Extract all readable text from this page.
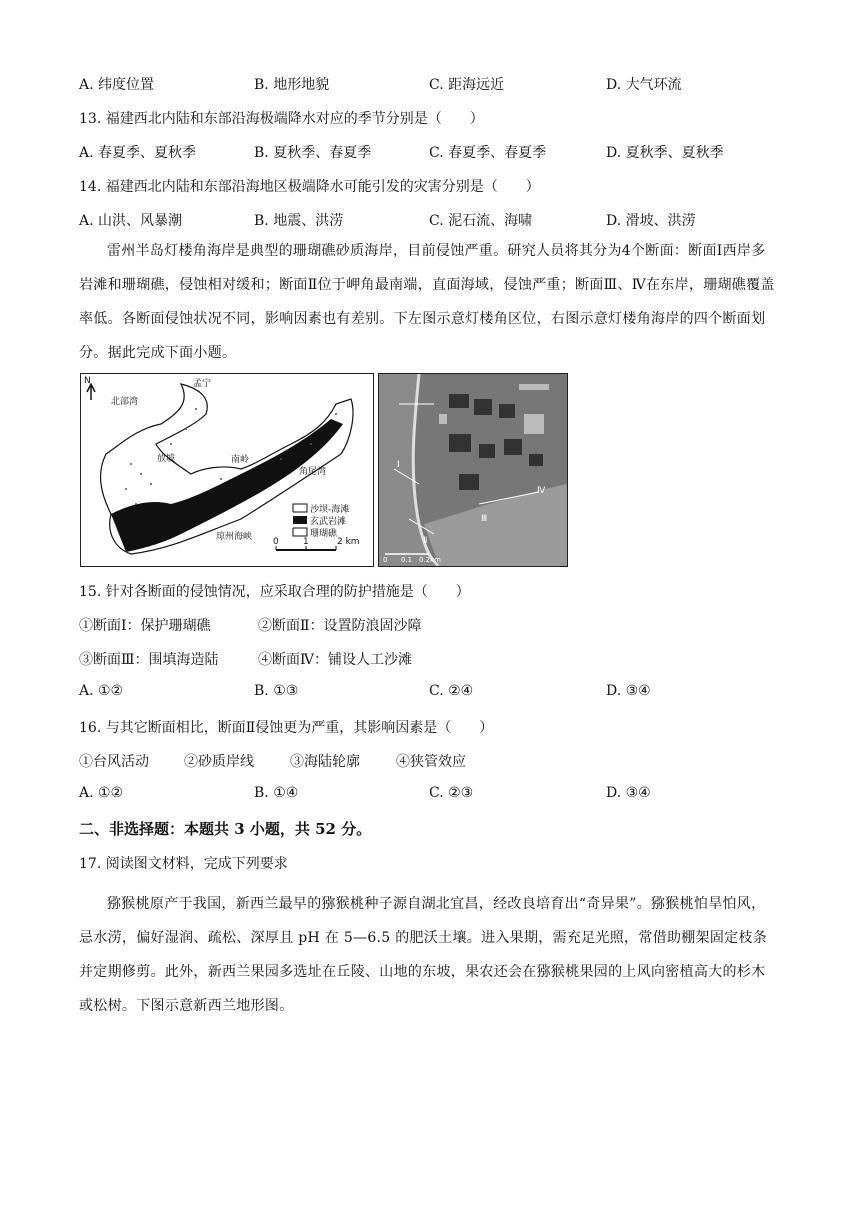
A. 纬度位置	B. 地形地貌	C. 距海远近	D. 大气环流
13. 福建西北内陆和东部沿海极端降水对应的季节分别是（　　）
A. 春夏季、夏秋季	B. 夏秋季、春夏季	C. 春夏季、春夏季	D. 夏秋季、夏秋季
14. 福建西北内陆和东部沿海地区极端降水可能引发的灾害分别是（　　）
A. 山洪、风暴潮	B. 地震、洪涝	C. 泥石流、海啸	D. 滑坡、洪涝
雷州半岛灯楼角海岸是典型的珊瑚礁砂质海岸，目前侵蚀严重。研究人员将其分为4个断面：断面Ⅰ西岸多岩滩和珊瑚礁，侵蚀相对缓和；断面Ⅱ位于岬角最南端，直面海域，侵蚀严重；断面Ⅲ、Ⅳ在东岸，珊瑚礁覆盖率低。各断面侵蚀状况不同，影响因素也有差别。下左图示意灯楼角区位，右图示意灯楼角海岸的四个断面划分。据此完成下面小题。
N	孟宁
北部湾
放坡	南岭
角尾湾
灯楼角
琼州海峡
沙坝-海滩
玄武岩滩
珊瑚礁
0	1	2 km
Ⅰ
Ⅱ
Ⅲ
Ⅳ
0 0.1 0.2km
15. 针对各断面的侵蚀情况，应采取合理的防护措施是（　　）
①断面Ⅰ：保护珊瑚礁	②断面Ⅱ：设置防浪固沙障
③断面Ⅲ：围填海造陆	④断面Ⅳ：铺设人工沙滩
A. ①②	B. ①③	C. ②④	D. ③④
16. 与其它断面相比，断面Ⅱ侵蚀更为严重，其影响因素是（　　）
①台风活动	②砂质岸线	③海陆轮廓	④狭管效应
A. ①②	B. ①④	C. ②③	D. ③④
二、非选择题：本题共 3 小题，共 52 分。
17. 阅读图文材料，完成下列要求
猕猴桃原产于我国，新西兰最早的猕猴桃种子源自湖北宜昌，经改良培育出“奇异果”。猕猴桃怕旱怕风，忌水涝，偏好湿润、疏松、深厚且 pH 在 5—6.5 的肥沃土壤。进入果期，需充足光照，常借助棚架固定枝条并定期修剪。此外，新西兰果园多选址在丘陵、山地的东坡，果农还会在猕猴桃果园的上风向密植高大的杉木或松树。下图示意新西兰地形图。
